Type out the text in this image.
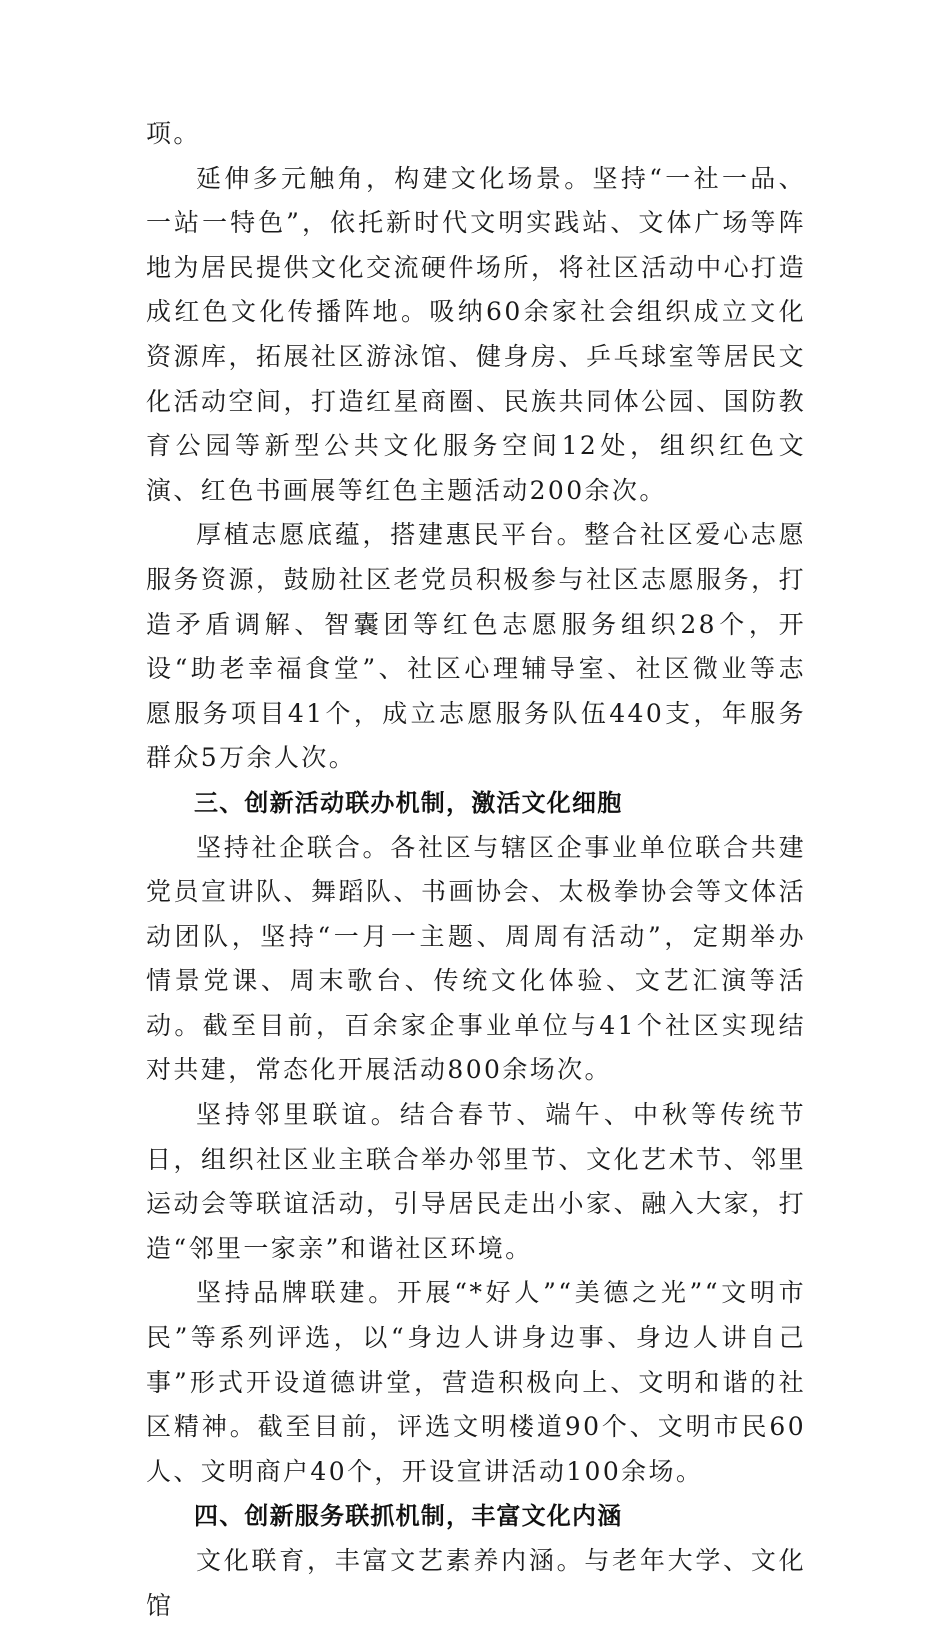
项。

延伸多元触角，构建文化场景。坚持“一社一品、一站一特色”，依托新时代文明实践站、文体广场等阵地为居民提供文化交流硬件场所，将社区活动中心打造成红色文化传播阵地。吸纳60余家社会组织成立文化资源库，拓展社区游泳馆、健身房、乒乓球室等居民文化活动空间，打造红星商圈、民族共同体公园、国防教育公园等新型公共文化服务空间12处，组织红色文演、红色书画展等红色主题活动200余次。

厚植志愿底蕴，搭建惠民平台。整合社区爱心志愿服务资源，鼓励社区老党员积极参与社区志愿服务，打造矛盾调解、智囊团等红色志愿服务组织28个，开设“助老幸福食堂”、社区心理辅导室、社区微业等志愿服务项目41个，成立志愿服务队伍440支，年服务群众5万余人次。

三、创新活动联办机制，激活文化细胞

坚持社企联合。各社区与辖区企事业单位联合共建党员宣讲队、舞蹈队、书画协会、太极拳协会等文体活动团队，坚持“一月一主题、周周有活动”，定期举办情景党课、周末歌台、传统文化体验、文艺汇演等活动。截至目前，百余家企事业单位与41个社区实现结对共建，常态化开展活动800余场次。

坚持邻里联谊。结合春节、端午、中秋等传统节日，组织社区业主联合举办邻里节、文化艺术节、邻里运动会等联谊活动，引导居民走出小家、融入大家，打造“邻里一家亲”和谐社区环境。

坚持品牌联建。开展“*好人”“美德之光”“文明市民”等系列评选，以“身边人讲身边事、身边人讲自己事”形式开设道德讲堂，营造积极向上、文明和谐的社区精神。截至目前，评选文明楼道90个、文明市民60人、文明商户40个，开设宣讲活动100余场。

四、创新服务联抓机制，丰富文化内涵

文化联育，丰富文艺素养内涵。与老年大学、文化馆
